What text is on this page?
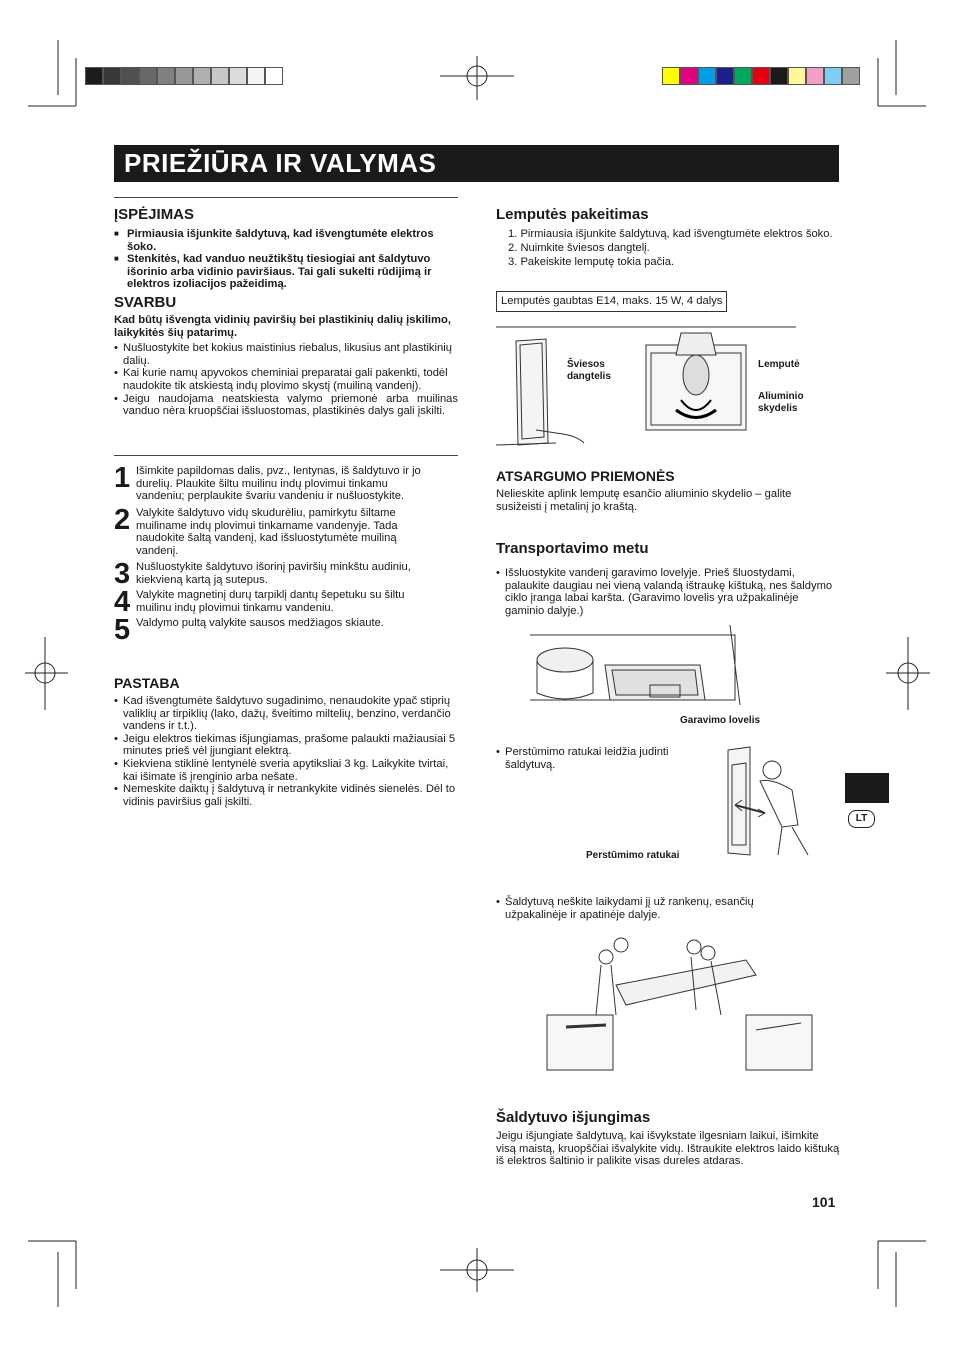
PRIEŽIŪRA IR VALYMAS
ĮSPĖJIMAS
■ Pirmiausia išjunkite šaldytuvą, kad išvengtumėte elektros šoko.
■ Stenkitės, kad vanduo neužtikštų tiesiogiai ant šaldytuvo išorinio arba vidinio paviršiaus. Tai gali sukelti rūdijimą ir elektros izoliacijos pažeidimą.
SVARBU
Kad būtų išvengta vidinių paviršių bei plastikinių dalių įskilimo, laikykitės šių patarimų.
• Nušluostykite bet kokius maistinius riebalus, likusius ant plastikinių dalių.
• Kai kurie namų apyvokos cheminiai preparatai gali pakenkti, todėl naudokite tik atskiestą indų plovimo skystį (muiliną vandenį).
• Jeigu naudojama neatskiesta valymo priemonė arba muilinas vanduo nėra kruopščiai išsluostomas, plastikinės dalys gali įskilti.
1 Išimkite papildomas dalis, pvz., lentynas, iš šaldytuvo ir jo durelių. Plaukite šiltu muilinu indų plovimui tinkamu vandeniu; perplaukite švariu vandeniu ir nušluostykite.
2 Valykite šaldytuvo vidų skudurėliu, pamirkytu šiltame muiliname indų plovimui tinkamame vandenyje. Tada naudokite šaltą vandenį, kad išsluostytumėte muiliną vandenį.
3 Nušluostykite šaldytuvo išorinį paviršių minkštu audiniu, kiekvieną kartą ją sutepus.
4 Valykite magnetinį durų tarpiklį dantų šepetuku su šiltu muilinu indų plovimui tinkamu vandeniu.
5 Valdymo pultą valykite sausos medžiagos skiaute.
PASTABA
• Kad išvengtumėte šaldytuvo sugadinimo, nenaudokite ypač stiprių valiklių ar tirpiklių (lako, dažų, šveitimo miltelių, benzino, verdančio vandens ir t.t.).
• Jeigu elektros tiekimas išjungiamas, prašome palaukti mažiausiai 5 minutes prieš vėl įjungiant elektrą.
• Kiekviena stiklinė lentynėlė sveria apytiksliai 3 kg. Laikykite tvirtai, kai išimate iš įrenginio arba nešate.
• Nemeskite daiktų į šaldytuvą ir netrankykite vidinės sienelės. Dėl to vidinis paviršius gali įskilti.
Lemputės pakeitimas
1. Pirmiausia išjunkite šaldytuvą, kad išvengtumėte elektros šoko.
2. Nuimkite šviesos dangtelį.
3. Pakeiskite lemputę tokia pačia.
Lemputės gaubtas E14, maks. 15 W, 4 dalys
Šviesos dangtelis
Lemputė
Aliuminio skydelis
ATSARGUMO PRIEMONĖS
Nelieskite aplink lemputę esančio aliuminio skydelio – galite susižeisti į metalinį jo kraštą.
Transportavimo metu
• Išsluostykite vandenį garavimo lovelyje. Prieš šluostydami, palaukite daugiau nei vieną valandą ištraukę kištuką, nes šaldymo ciklo įranga labai karšta. (Garavimo lovelis yra užpakalinėje gaminio dalyje.)
Garavimo lovelis
• Perstūmimo ratukai leidžia judinti šaldytuvą.
Perstūmimo ratukai
• Šaldytuvą neškite laikydami jį už rankenų, esančių užpakalinėje ir apatinėje dalyje.
Šaldytuvo išjungimas
Jeigu išjungiate šaldytuvą, kai išvykstate ilgesniam laikui, išimkite visą maistą, kruopščiai išvalykite vidų. Ištraukite elektros laido kištuką iš elektros šaltinio ir palikite visas dureles atdaras.
101
LT
